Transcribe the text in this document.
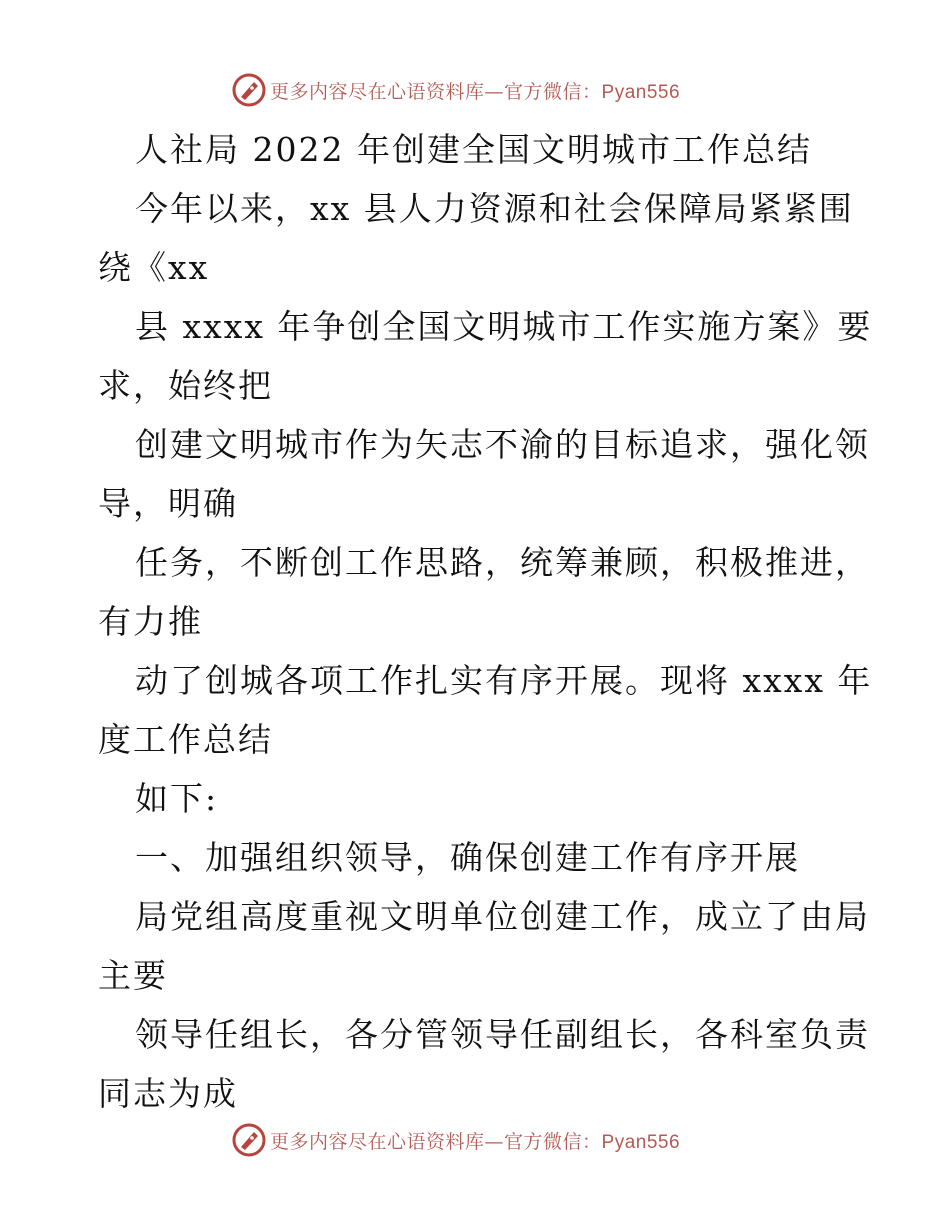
更多内容尽在心语资料库—官方微信：Pyan556
人社局 2022 年创建全国文明城市工作总结
今年以来，xx 县人力资源和社会保障局紧紧围
绕《xx
县 xxxx 年争创全国文明城市工作实施方案》要
求，始终把
创建文明城市作为矢志不渝的目标追求，强化领
导，明确
任务，不断创工作思路，统筹兼顾，积极推进，
有力推
动了创城各项工作扎实有序开展。现将 xxxx 年
度工作总结
如下:
一、加强组织领导，确保创建工作有序开展
局党组高度重视文明单位创建工作，成立了由局
主要
领导任组长，各分管领导任副组长，各科室负责
同志为成
更多内容尽在心语资料库—官方微信：Pyan556
